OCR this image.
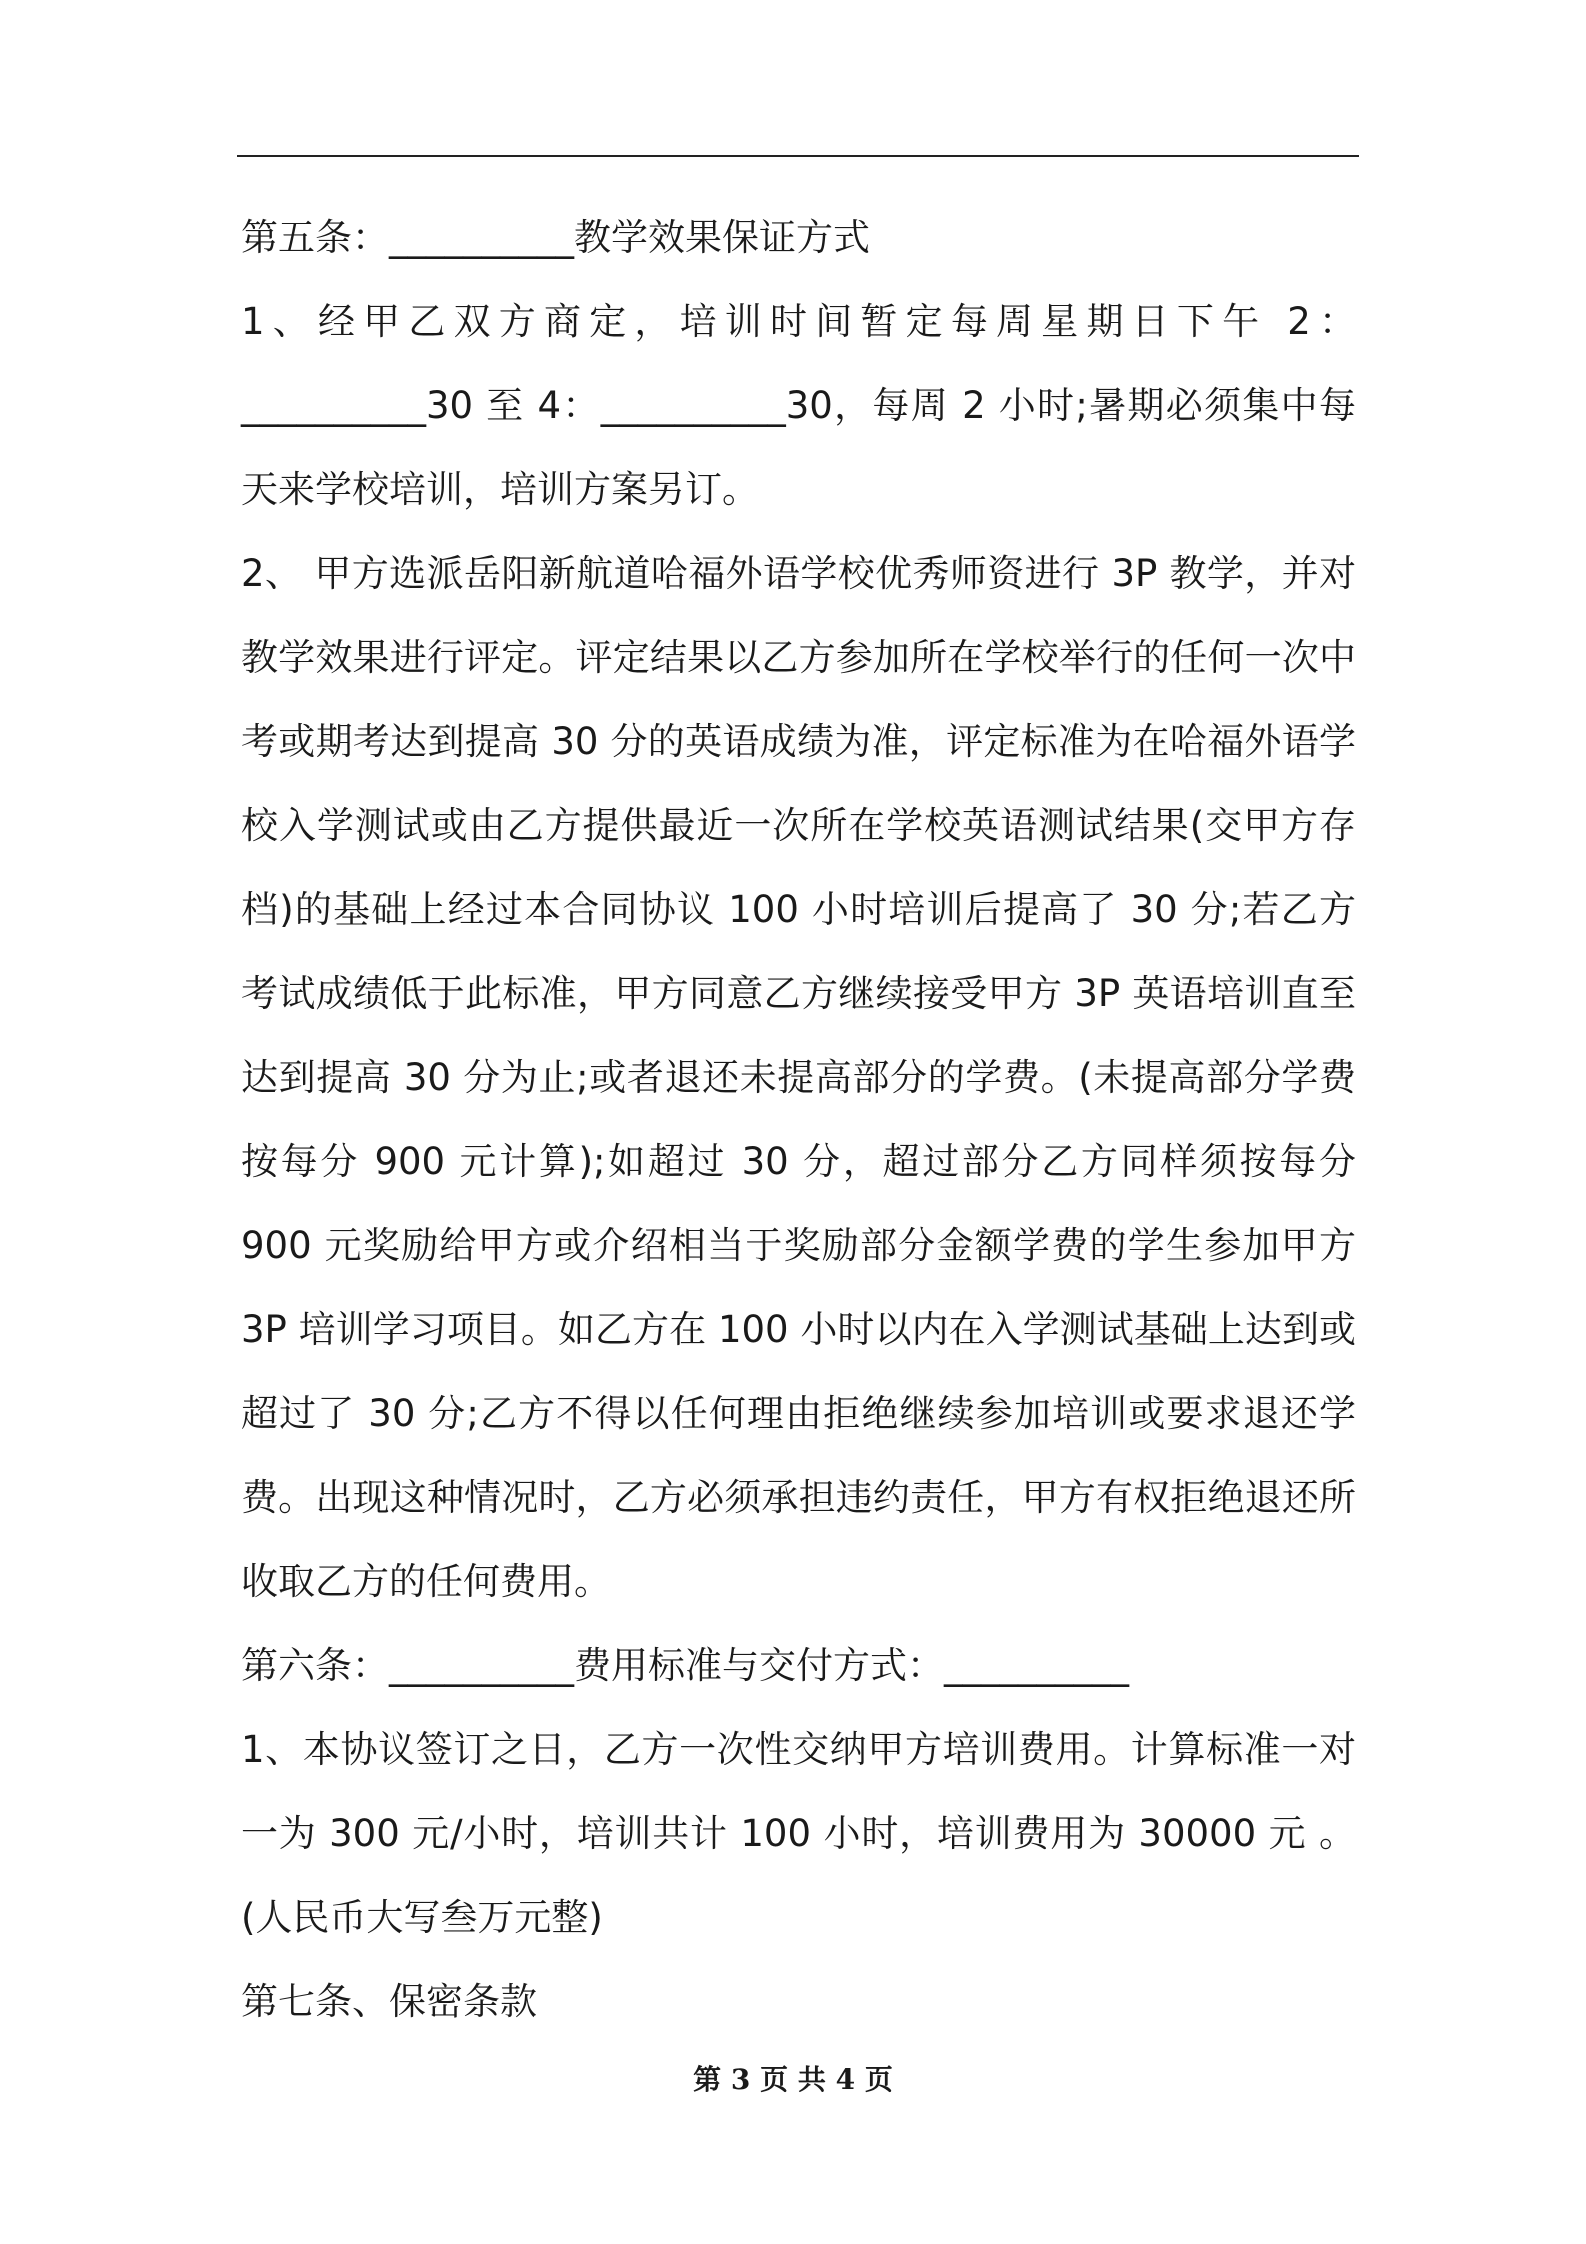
第五条：__________教学效果保证方式

1、经甲乙双方商定，培训时间暂定每周星期日下午 2：__________30 至 4：__________30，每周 2 小时;暑期必须集中每天来学校培训，培训方案另订。

2、 甲方选派岳阳新航道哈福外语学校优秀师资进行 3P 教学，并对教学效果进行评定。评定结果以乙方参加所在学校举行的任何一次中考或期考达到提高 30 分的英语成绩为准，评定标准为在哈福外语学校入学测试或由乙方提供最近一次所在学校英语测试结果(交甲方存档)的基础上经过本合同协议 100 小时培训后提高了 30 分;若乙方考试成绩低于此标准，甲方同意乙方继续接受甲方 3P 英语培训直至达到提高 30 分为止;或者退还未提高部分的学费。(未提高部分学费按每分 900 元计算);如超过 30 分，超过部分乙方同样须按每分 900 元奖励给甲方或介绍相当于奖励部分金额学费的学生参加甲方 3P 培训学习项目。如乙方在 100 小时以内在入学测试基础上达到或超过了 30 分;乙方不得以任何理由拒绝继续参加培训或要求退还学费。出现这种情况时，乙方必须承担违约责任，甲方有权拒绝退还所收取乙方的任何费用。

第六条：__________费用标准与交付方式：__________

1、本协议签订之日，乙方一次性交纳甲方培训费用。计算标准一对一为 300 元/小时，培训共计 100 小时，培训费用为 30000 元 。(人民币大写叁万元整)

第七条、保密条款

第 3 页 共 4 页
